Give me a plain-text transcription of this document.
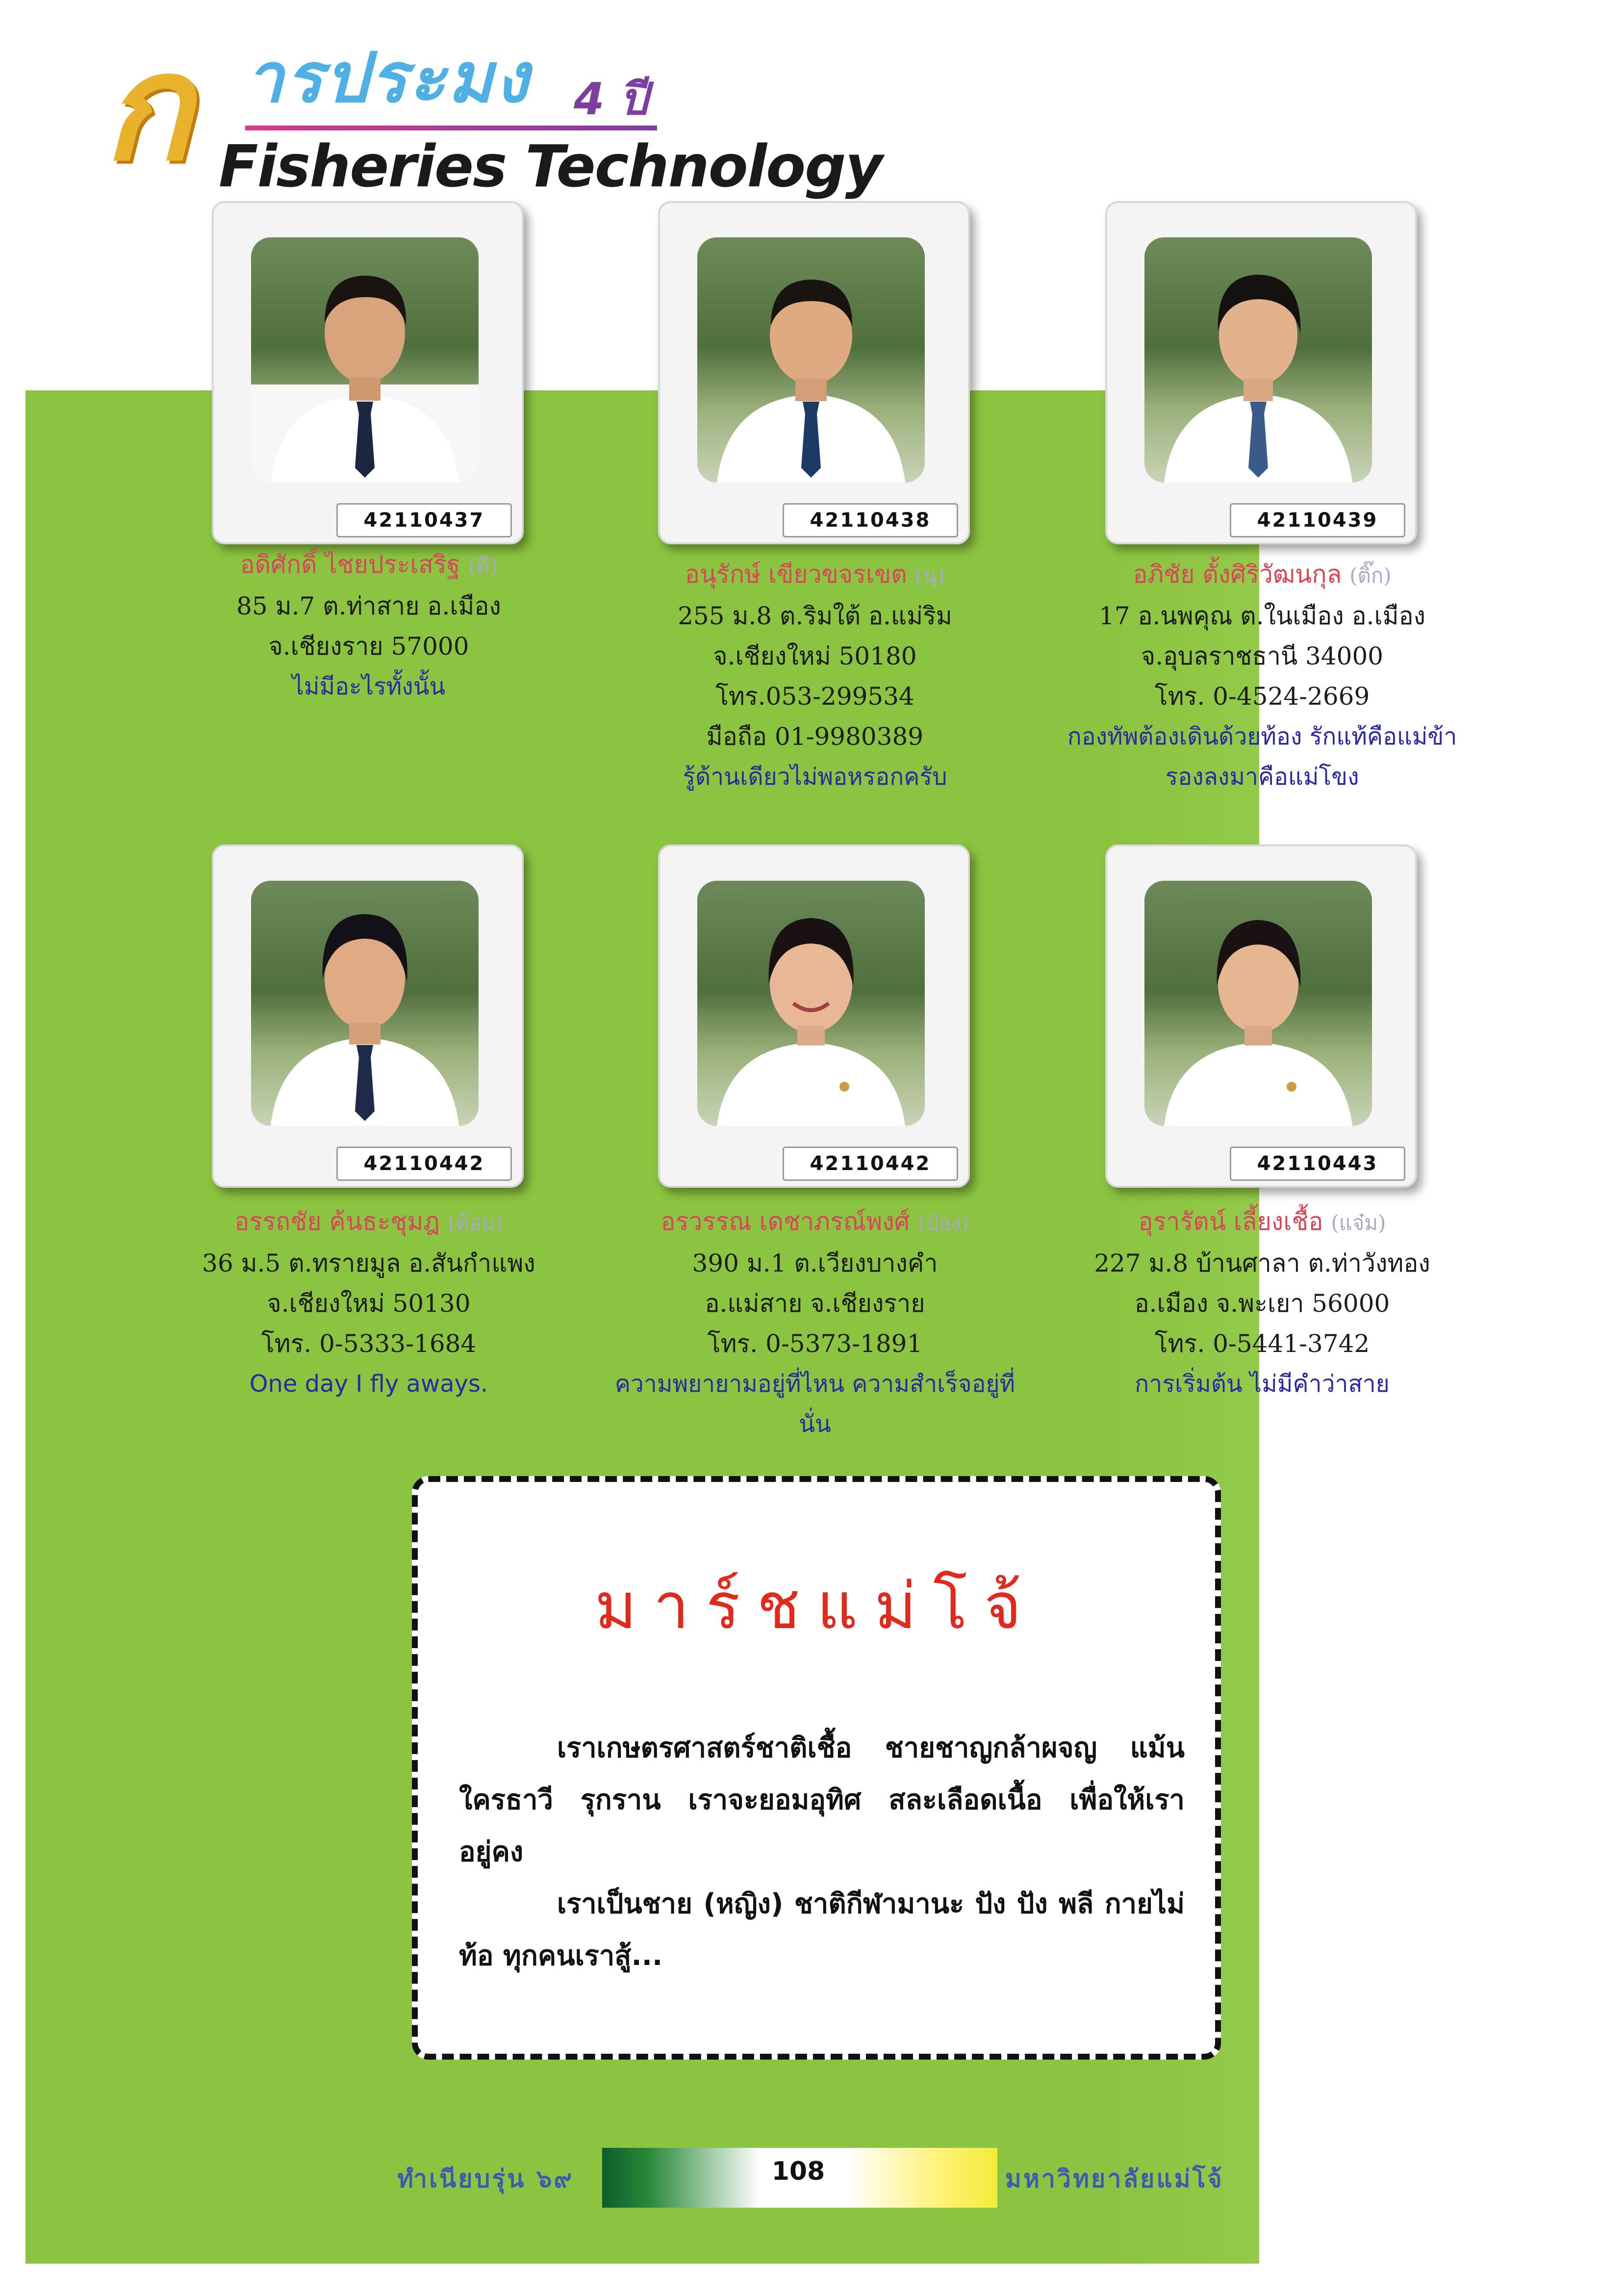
ก ารประมง 4 ปี
Fisheries Technology
42110437
อดิศักดิ์ ไชยประเสริฐ (ดี)
85 ม.7 ต.ท่าสาย อ.เมือง
จ.เชียงราย 57000
ไม่มีอะไรทั้งนั้น
42110438
อนุรักษ์ เขียวขจรเขต (นุ)
255 ม.8 ต.ริมใต้ อ.แม่ริม
จ.เชียงใหม่ 50180
โทร.053-299534
มือถือ 01-9980389
รู้ด้านเดียวไม่พอหรอกครับ
42110439
อภิชัย ตั้งศิริวัฒนกุล (ติ๊ก)
17 อ.นพคุณ ต.ในเมือง อ.เมือง
จ.อุบลราชธานี 34000
โทร. 0-4524-2669
กองทัพต้องเดินด้วยท้อง รักแท้คือแม่ข้า
รองลงมาคือแม่โขง
42110442
อรรถชัย ค้นธะชุมฎ (ต้อม)
36 ม.5 ต.ทรายมูล อ.สันกำแพง
จ.เชียงใหม่ 50130
โทร. 0-5333-1684
One day I fly aways.
42110442
อรวรรณ เดชาภรณ์พงศ์ (ป๋อง)
390 ม.1 ต.เวียงบางคำ
อ.แม่สาย จ.เชียงราย
โทร. 0-5373-1891
ความพยายามอยู่ที่ไหน ความสำเร็จอยู่ที่นั่น
42110443
อุรารัตน์ เลี้ยงเชื้อ (แจ๋ม)
227 ม.8 บ้านศาลา ต.ท่าวังทอง
อ.เมือง จ.พะเยา 56000
โทร. 0-5441-3742
การเริ่มต้น ไม่มีคำว่าสาย
มาร์ชแม่โจ้

เราเกษตรศาสตร์ชาติเชื้อ ชายชาญกล้าผจญ แม้น ใครธาวี รุกราน เราจะยอมอุทิศ สละเลือดเนื้อ เพื่อให้เรา อยู่คง

เราเป็นชาย (หญิง) ชาติกีฬามานะ ปัง ปัง พลี กายไม่ท้อ ทุกคนเราสู้...

ทำเนียบรุ่น ๖๙	108	มหาวิทยาลัยแม่โจ้
